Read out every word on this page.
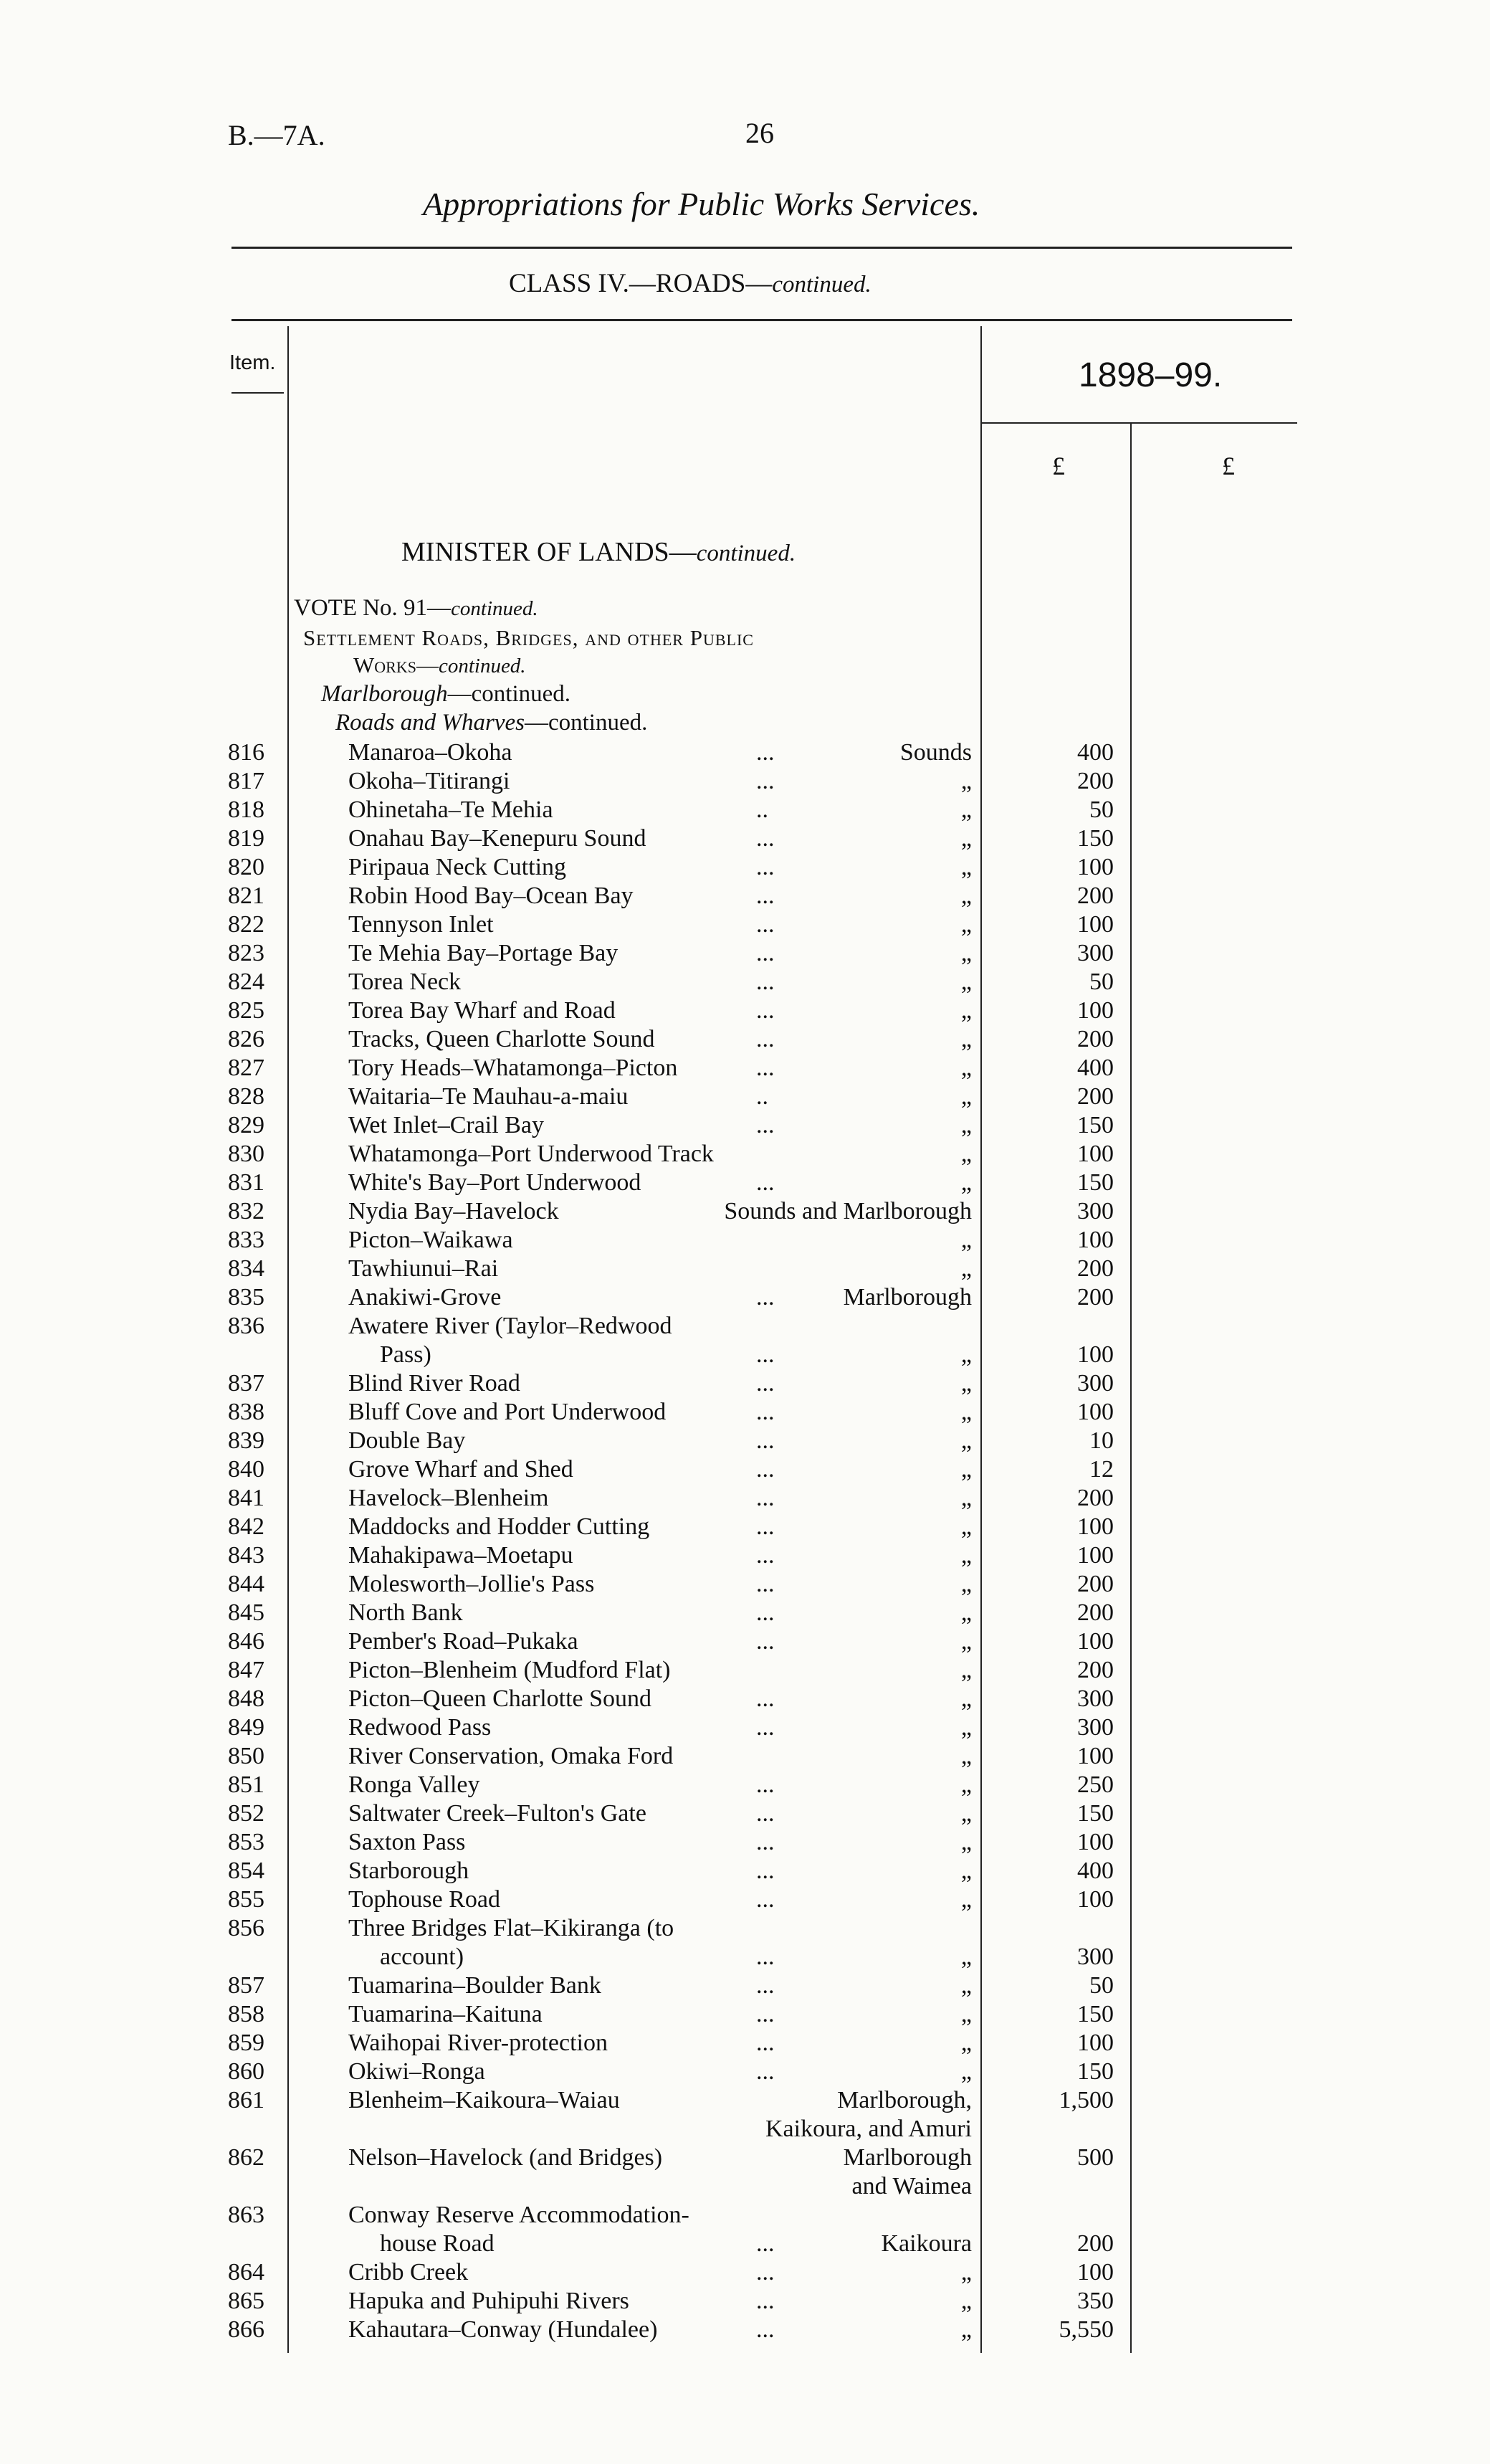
B.—7A.	26
Appropriations for Public Works Services.
CLASS IV.—ROADS—continued.
Item.	1898–99.
£	£
MINISTER OF LANDS—continued.
VOTE No. 91—continued.
Settlement Roads, Bridges, and other Public
Works—continued.
Marlborough—continued.
Roads and Wharves—continued.
816	Manaroa–Okoha	...	Sounds	400
817	Okoha–Titirangi	...	„	200
818	Ohinetaha–Te Mehia	..	„	50
819	Onahau Bay–Kenepuru Sound	...	„	150
820	Piripaua Neck Cutting	...	„	100
821	Robin Hood Bay–Ocean Bay	...	„	200
822	Tennyson Inlet	...	„	100
823	Te Mehia Bay–Portage Bay	...	„	300
824	Torea Neck	...	„	50
825	Torea Bay Wharf and Road	...	„	100
826	Tracks, Queen Charlotte Sound	...	„	200
827	Tory Heads–Whatamonga–Picton	...	„	400
828	Waitaria–Te Mauhau-a-maiu	..	„	200
829	Wet Inlet–Crail Bay	...	„	150
830	Whatamonga–Port Underwood Track	„	100
831	White's Bay–Port Underwood	...	„	150
832	Nydia Bay–Havelock	Sounds and Marlborough	300
833	Picton–Waikawa	„	100
834	Tawhiunui–Rai	„	200
835	Anakiwi-Grove	...	Marlborough	200
836	Awatere River (Taylor–Redwood
Pass)	...	„	100
837	Blind River Road	...	„	300
838	Bluff Cove and Port Underwood	...	„	100
839	Double Bay	...	„	10
840	Grove Wharf and Shed	...	„	12
841	Havelock–Blenheim	...	„	200
842	Maddocks and Hodder Cutting	...	„	100
843	Mahakipawa–Moetapu	...	„	100
844	Molesworth–Jollie's Pass	...	„	200
845	North Bank	...	„	200
846	Pember's Road–Pukaka	...	„	100
847	Picton–Blenheim (Mudford Flat)	„	200
848	Picton–Queen Charlotte Sound	...	„	300
849	Redwood Pass	...	„	300
850	River Conservation, Omaka Ford	„	100
851	Ronga Valley	...	„	250
852	Saltwater Creek–Fulton's Gate	...	„	150
853	Saxton Pass	...	„	100
854	Starborough	...	„	400
855	Tophouse Road	...	„	100
856	Three Bridges Flat–Kikiranga (to
account)	...	„	300
857	Tuamarina–Boulder Bank	...	„	50
858	Tuamarina–Kaituna	...	„	150
859	Waihopai River-protection	...	„	100
860	Okiwi–Ronga	...	„	150
861	Blenheim–Kaikoura–Waiau	Marlborough,	1,500
Kaikoura, and Amuri
862	Nelson–Havelock (and Bridges)	Marlborough	500
and Waimea
863	Conway Reserve Accommodation-
house Road	...	Kaikoura	200
864	Cribb Creek	...	„	100
865	Hapuka and Puhipuhi Rivers	...	„	350
866	Kahautara–Conway (Hundalee)	...	„	5,550
